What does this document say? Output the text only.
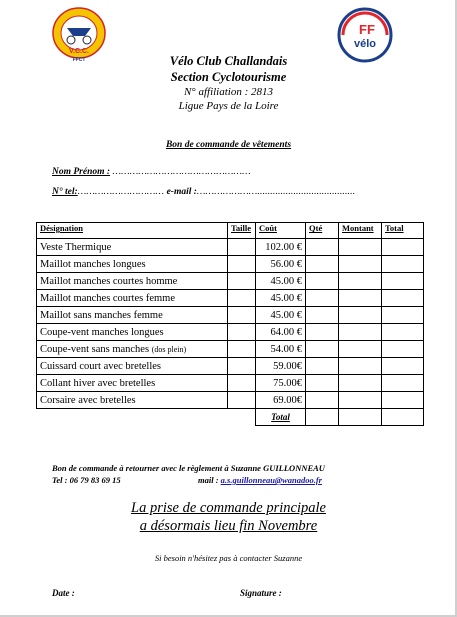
V.C.C.
FFCT
FF
vélo
Vélo Club Challandais
Section Cyclotourisme
N° affiliation : 2813
Ligue Pays de la Loire
Bon de commande de vêtements
Nom Prénom : …………………………………………
N° tel:………………………… e-mail :…………………......................................
Désignation	Taille	Coût	Qté	Montant	Total
Veste Thermique		102.00 €			
Maillot manches longues		56.00 €			
Maillot manches courtes homme		45.00 €			
Maillot manches courtes femme		45.00 €			
Maillot sans manches femme		45.00 €			
Coupe-vent manches longues		64.00 €			
Coupe-vent sans manches (dos plein)		54.00 €			
Cuissard court avec bretelles		59.00€			
Collant hiver avec bretelles		75.00€			
Corsaire avec bretelles		69.00€			
		Total			
Bon de commande à retourner avec le règlement à Suzanne GUILLONNEAU
Tel : 06 79 83 69 15	mail : a.s.guillonneau@wanadoo.fr
La prise de commande principale
a désormais lieu fin Novembre
Si besoin n'hésitez pas à contacter Suzanne
Date :	Signature :
